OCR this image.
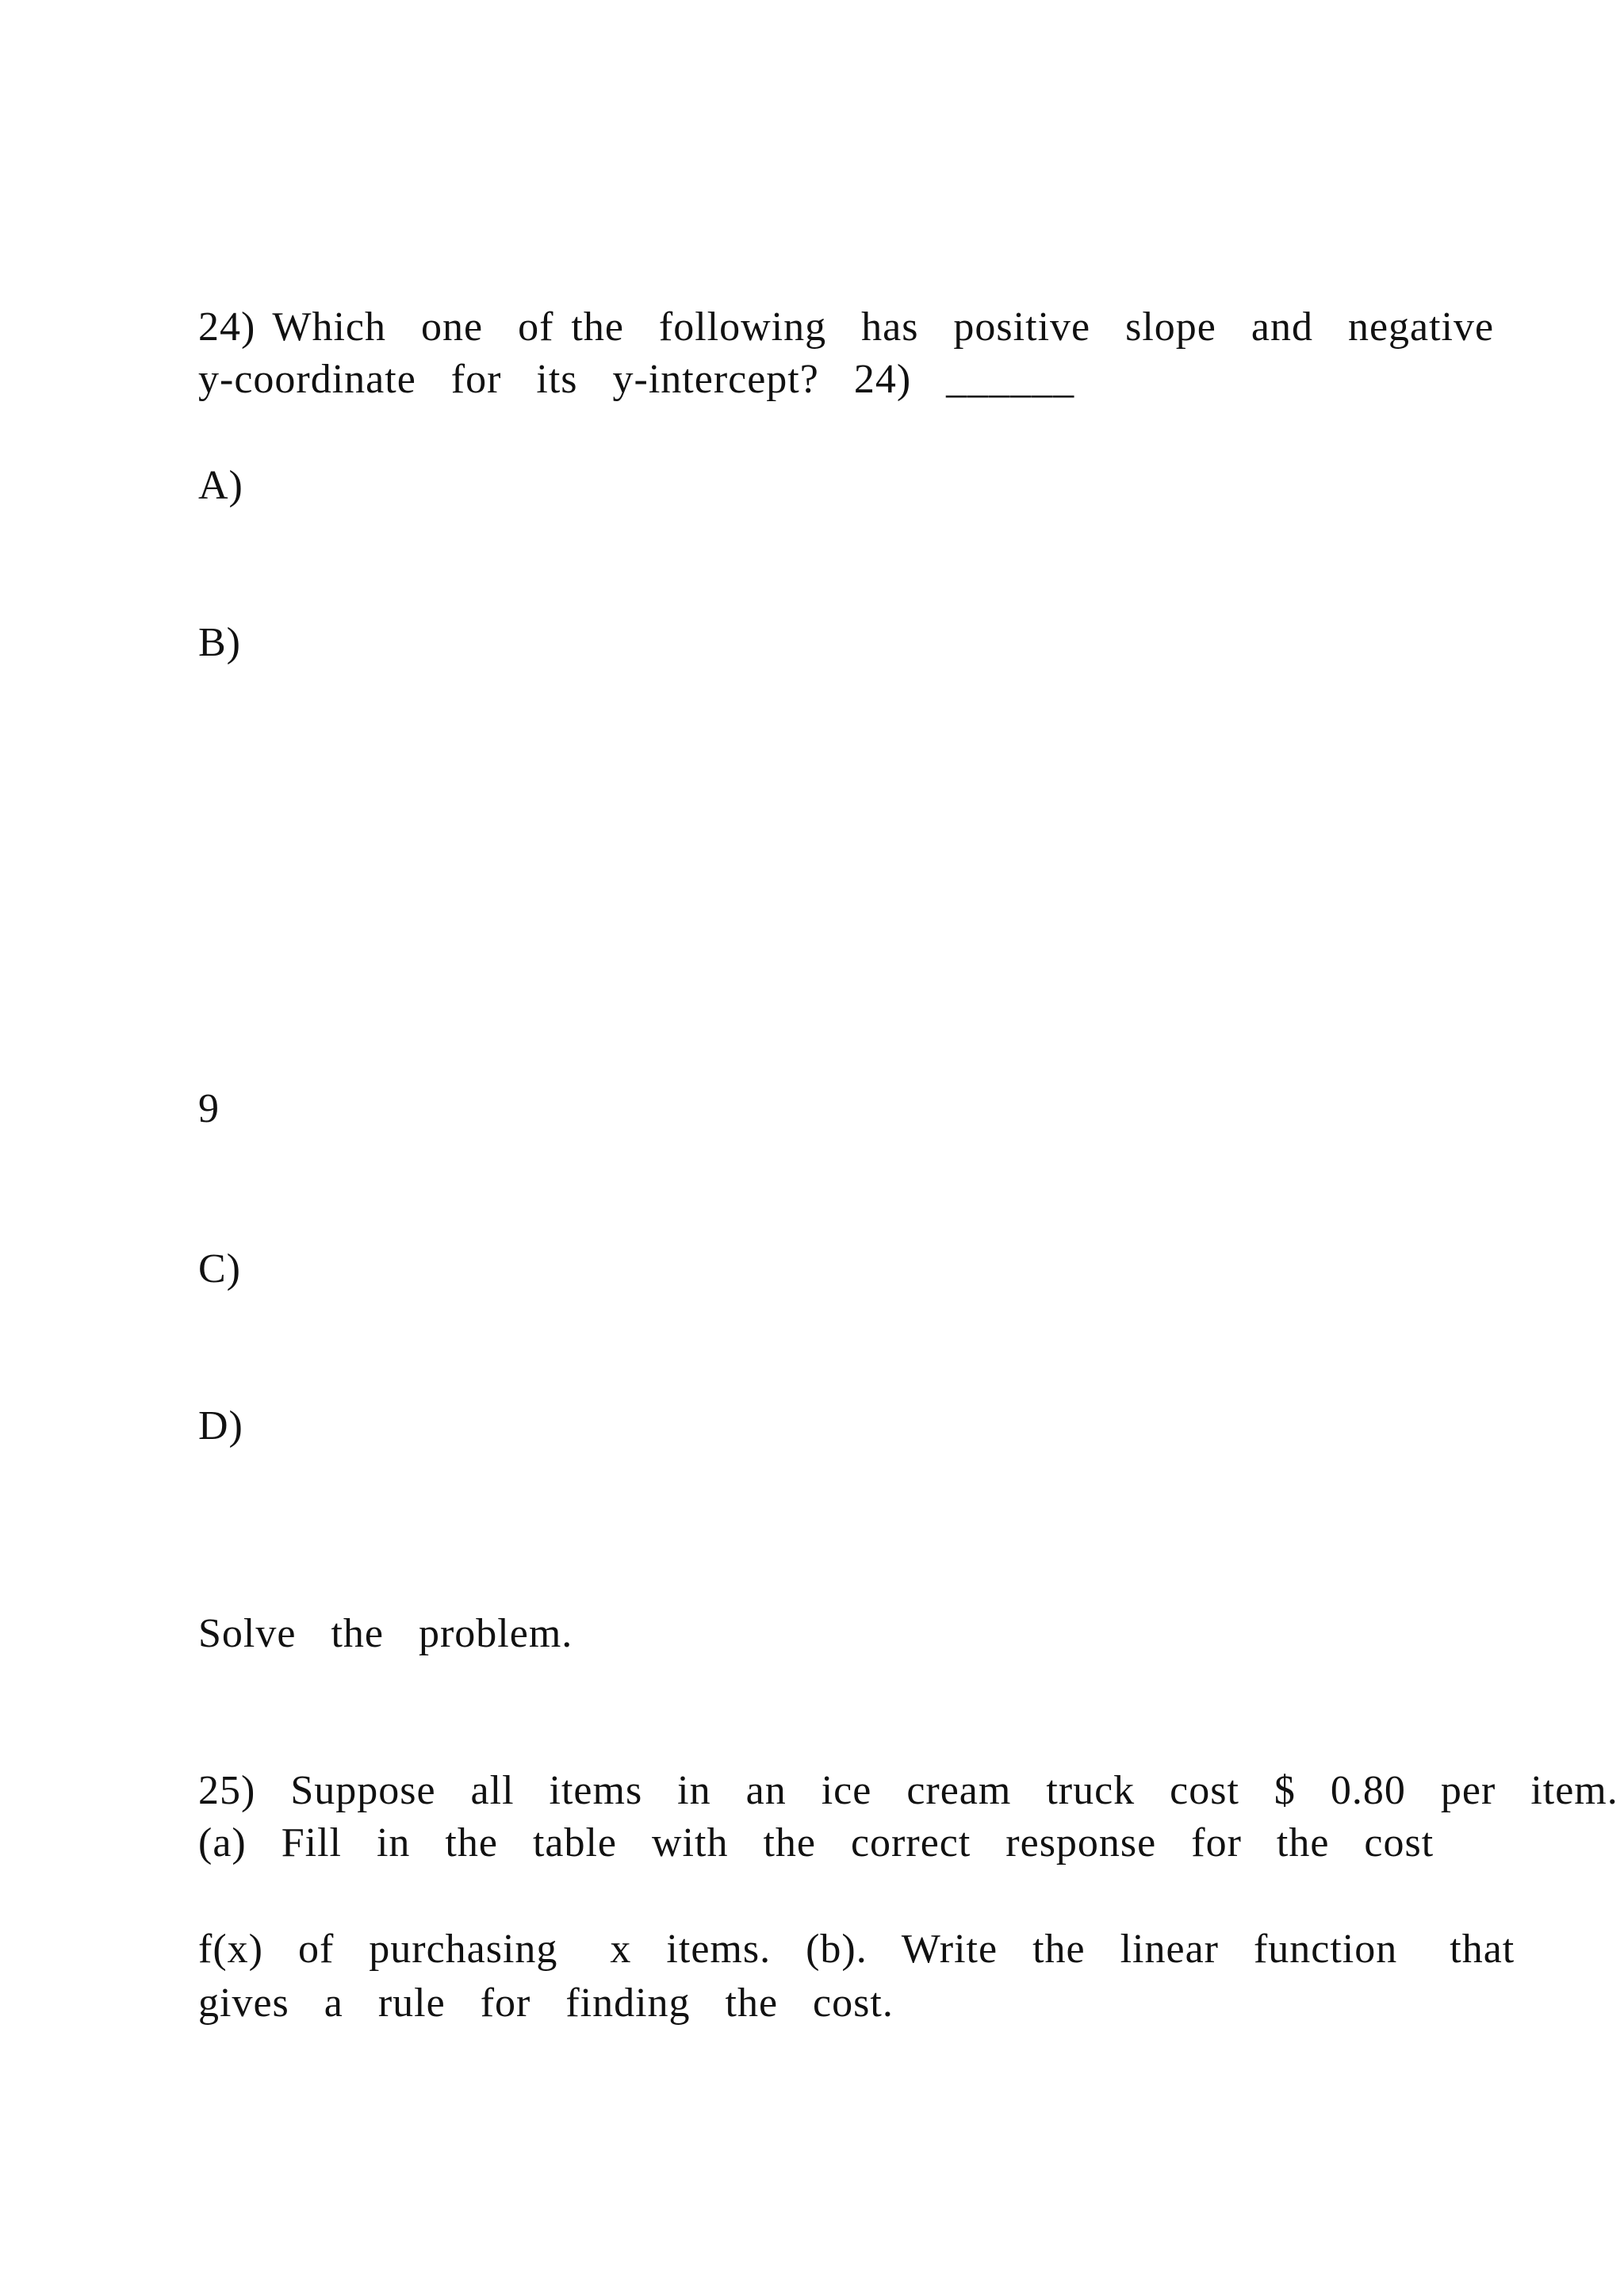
24) Which  one  of the  following  has  positive  slope  and  negative
y-coordinate  for  its  y-intercept?  24)  ______
A)
B)
9
C)
D)
Solve  the  problem.
25)  Suppose  all  items  in  an  ice  cream  truck  cost  $  0.80  per  item.
(a)  Fill  in  the  table  with  the  correct  response  for  the  cost
f(x)  of  purchasing   x  items.  (b).  Write  the  linear  function   that
gives  a  rule  for  finding  the  cost.
